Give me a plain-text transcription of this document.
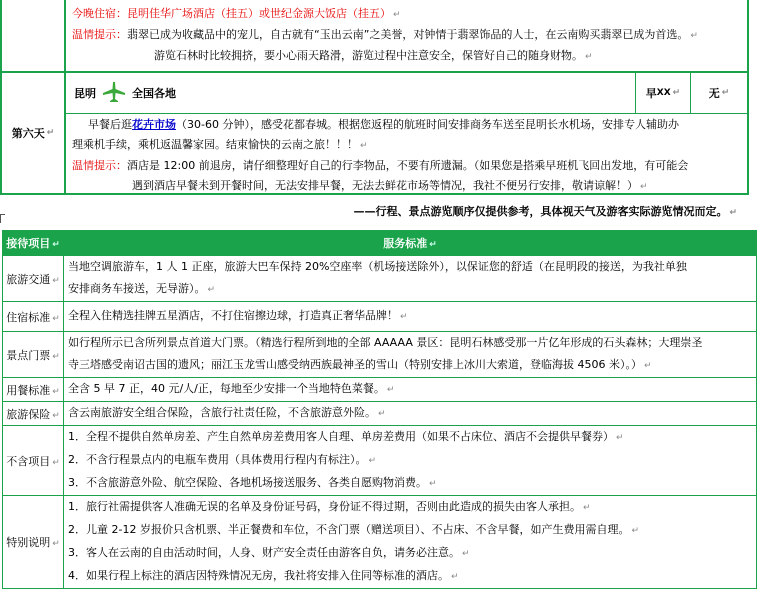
今晚住宿：昆明佳华广场酒店（挂五）或世纪金源大饭店（挂五） ↵
温情提示：翡翠已成为收藏品中的宠儿，自古就有“玉出云南”之美誉，对钟情于翡翠饰品的人士，在云南购买翡翠已成为首选。 ↵
游览石林时比较拥挤，要小心雨天路滑，游览过程中注意安全，保管好自己的随身财物。 ↵
第六天 ↵
昆明	全国各地	早 XX ↵	无 ↵
早餐后逛花卉市场（30-60 分钟），感受花都春城。根据您返程的航班时间安排商务车送至昆明长水机场，安排专人辅助办
理乘机手续，乘机返温馨家园。结束愉快的云南之旅！！！ ↵
温情提示：酒店是 12:00 前退房，请仔细整理好自己的行李物品，不要有所遗漏。（如果您是搭乘早班机飞回出发地，有可能会
遇到酒店早餐未到开餐时间，无法安排早餐，无法去鲜花市场等情况，我社不便另行安排，敬请谅解！） ↵
——行程、景点游览顺序仅提供参考，具体视天气及游客实际游览情况而定。 ↵
接待项目 ↵	服务标准 ↵
旅游交通 ↵	当地空调旅游车，1 人 1 正座，旅游大巴车保持 20%空座率（机场接送除外），以保证您的舒适（在昆明段的接送，为我社单独
安排商务车接送，无导游）。 ↵

住宿标准 ↵	全程入住精选挂牌五星酒店，不打住宿擦边球，打造真正奢华品牌！ ↵

景点门票 ↵	如行程所示已含所列景点首道大门票。（精选行程所到地的全部 AAAAA 景区：昆明石林感受那一片亿年形成的石头森林；大理崇圣
寺三塔感受南诏古国的遗风；丽江玉龙雪山感受纳西族最神圣的雪山（特别安排上冰川大索道，登临海拔 4506 米）。） ↵

用餐标准 ↵	全含 5 早 7 正，40 元/人/正，每地至少安排一个当地特色菜餐。 ↵

旅游保险 ↵	含云南旅游安全组合保险，含旅行社责任险，不含旅游意外险。 ↵

不含项目 ↵	1．全程不提供自然单房差、产生自然单房差费用客人自理、单房差费用（如果不占床位、酒店不会提供早餐券） ↵
2．不含行程景点内的电瓶车费用（具体费用行程内有标注）。 ↵
3．不含旅游意外险、航空保险、各地机场接送服务、各类自愿购物消费。 ↵

特别说明 ↵	1．旅行社需提供客人准确无误的名单及身份证号码，身份证不得过期，否则由此造成的损失由客人承担。 ↵
2．儿童 2-12 岁报价只含机票、半正餐费和车位，不含门票（赠送项目）、不占床、不含早餐，如产生费用需自理。 ↵
3．客人在云南的自由活动时间，人身、财产安全责任由游客自负，请务必注意。 ↵
4．如果行程上标注的酒店因特殊情况无房，我社将安排入住同等标准的酒店。 ↵
